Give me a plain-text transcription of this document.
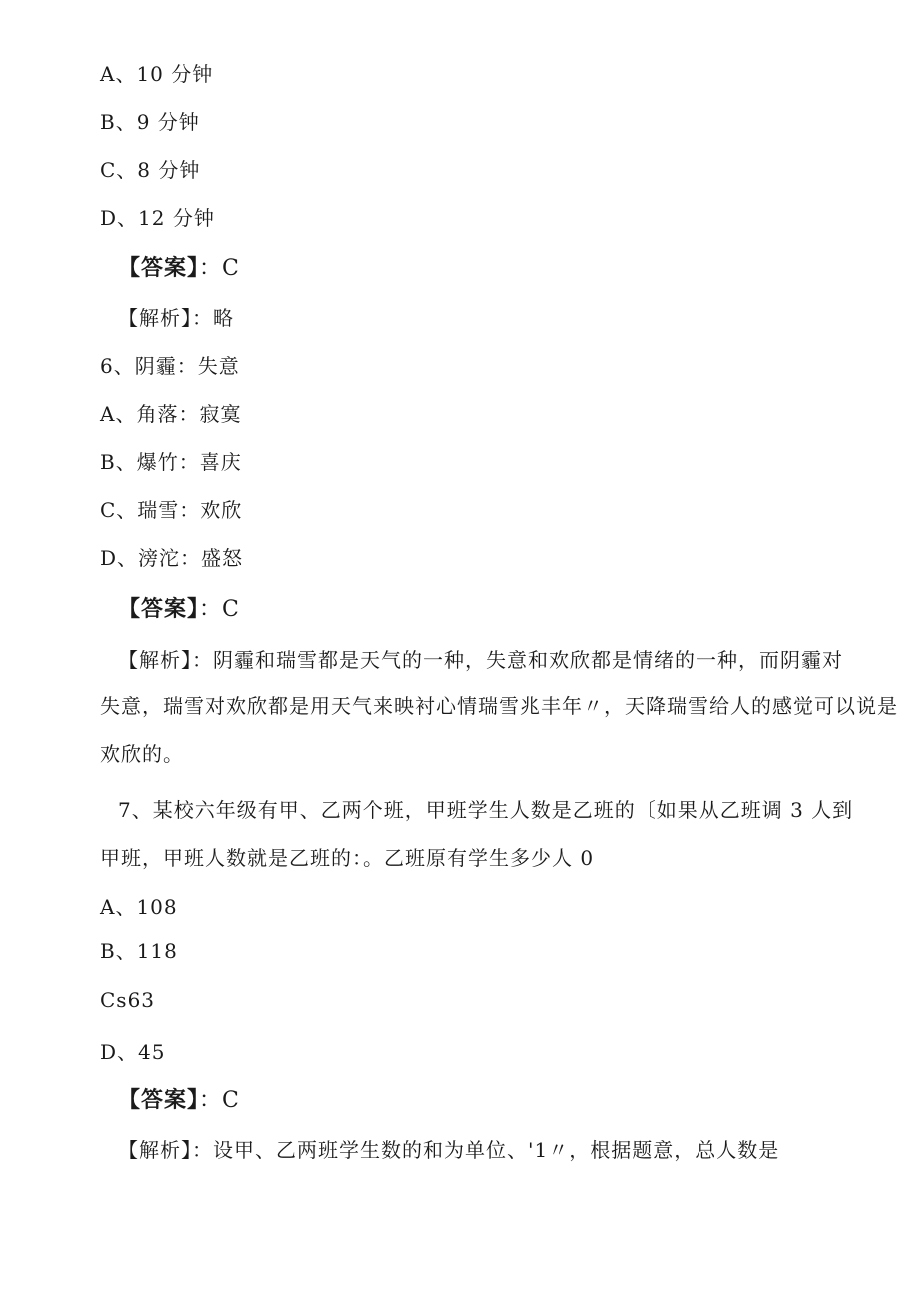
A、10 分钟
B、9 分钟
C、8 分钟
D、12 分钟
【答案】：C
【解析】：略
6、阴霾：失意
A、角落：寂寞
B、爆竹：喜庆
C、瑞雪：欢欣
D、滂沱：盛怒
【答案】：C
【解析】：阴霾和瑞雪都是天气的一种，失意和欢欣都是情绪的一种，而阴霾对
失意，瑞雪对欢欣都是用天气来映衬心情瑞雪兆丰年〃，天降瑞雪给人的感觉可以说是
欢欣的。
7、某校六年级有甲、乙两个班，甲班学生人数是乙班的〔如果从乙班调 3 人到
甲班，甲班人数就是乙班的：。乙班原有学生多少人 0
A、108
B、118
Cs63
D、45
【答案】：C
【解析】：设甲、乙两班学生数的和为单位、'1〃，根据题意，总人数是
